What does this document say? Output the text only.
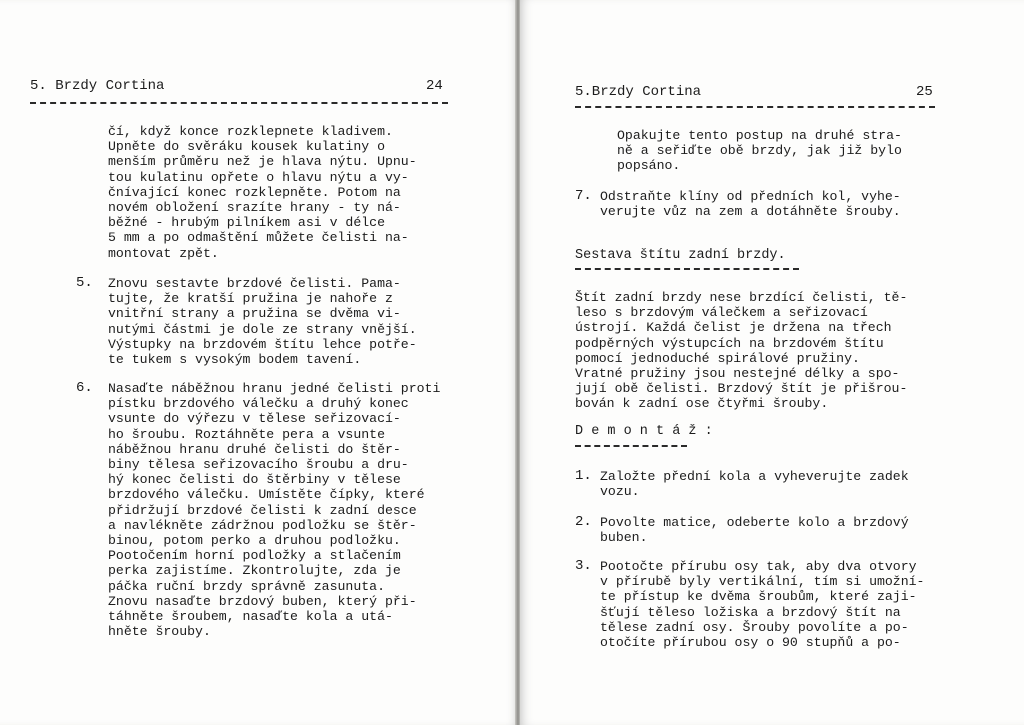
5. Brzdy Cortina	24
čí, když konce rozklepnete kladivem.
Upněte do svěráku kousek kulatiny o
menším průměru než je hlava nýtu. Upnu-
tou kulatinu opřete o hlavu nýtu a vy-
čnívající konec rozklepněte. Potom na
novém obložení srazíte hrany - ty ná-
běžné - hrubým pilníkem asi v délce
5 mm a po odmaštění můžete čelisti na-
montovat zpět.
5. Znovu sestavte brzdové čelisti. Pama-
tujte, že kratší pružina je nahoře z
vnitřní strany a pružina se dvěma vi-
nutými částmi je dole ze strany vnější.
Výstupky na brzdovém štítu lehce potře-
te tukem s vysokým bodem tavení.
6. Nasaďte náběžnou hranu jedné čelisti proti
pístku brzdového válečku a druhý konec
vsunte do výřezu v tělese seřizovací-
ho šroubu. Roztáhněte pera a vsunte
náběžnou hranu druhé čelisti do štěr-
biny tělesa seřizovacího šroubu a dru-
hý konec čelisti do štěrbiny v tělese
brzdového válečku. Umístěte čípky, které
přidržují brzdové čelisti k zadní desce
a navlékněte zádržnou podložku se štěr-
binou, potom perko a druhou podložku.
Pootočením horní podložky a stlačením
perka zajistíme. Zkontrolujte, zda je
páčka ruční brzdy správně zasunuta.
Znovu nasaďte brzdový buben, který při-
táhněte šroubem, nasaďte kola a utá-
hněte šrouby.
5.Brzdy Cortina	25
Opakujte tento postup na druhé stra-
ně a seřiďte obě brzdy, jak již bylo
popsáno.
7. Odstraňte klíny od předních kol, vyhe-
verujte vůz na zem a dotáhněte šrouby.
Sestava štítu zadní brzdy.
Štít zadní brzdy nese brzdící čelisti, tě-
leso s brzdovým válečkem a seřizovací
ústrojí. Každá čelist je držena na třech
podpěrných výstupcích na brzdovém štítu
pomocí jednoduché spirálové pružiny.
Vratné pružiny jsou nestejné délky a spo-
jují obě čelisti. Brzdový štít je přišrou-
bován k zadní ose čtyřmi šrouby.
D e m o n t á ž :
1. Založte přední kola a vyheverujte zadek
vozu.
2. Povolte matice, odeberte kolo a brzdový
buben.
3. Pootočte přírubu osy tak, aby dva otvory
v přírubě byly vertikální, tím si umožní-
te přístup ke dvěma šroubům, které zaji-
šťují těleso ložiska a brzdový štít na
tělese zadní osy. Šrouby povolíte a po-
otočíte přírubou osy o 90 stupňů a po-
